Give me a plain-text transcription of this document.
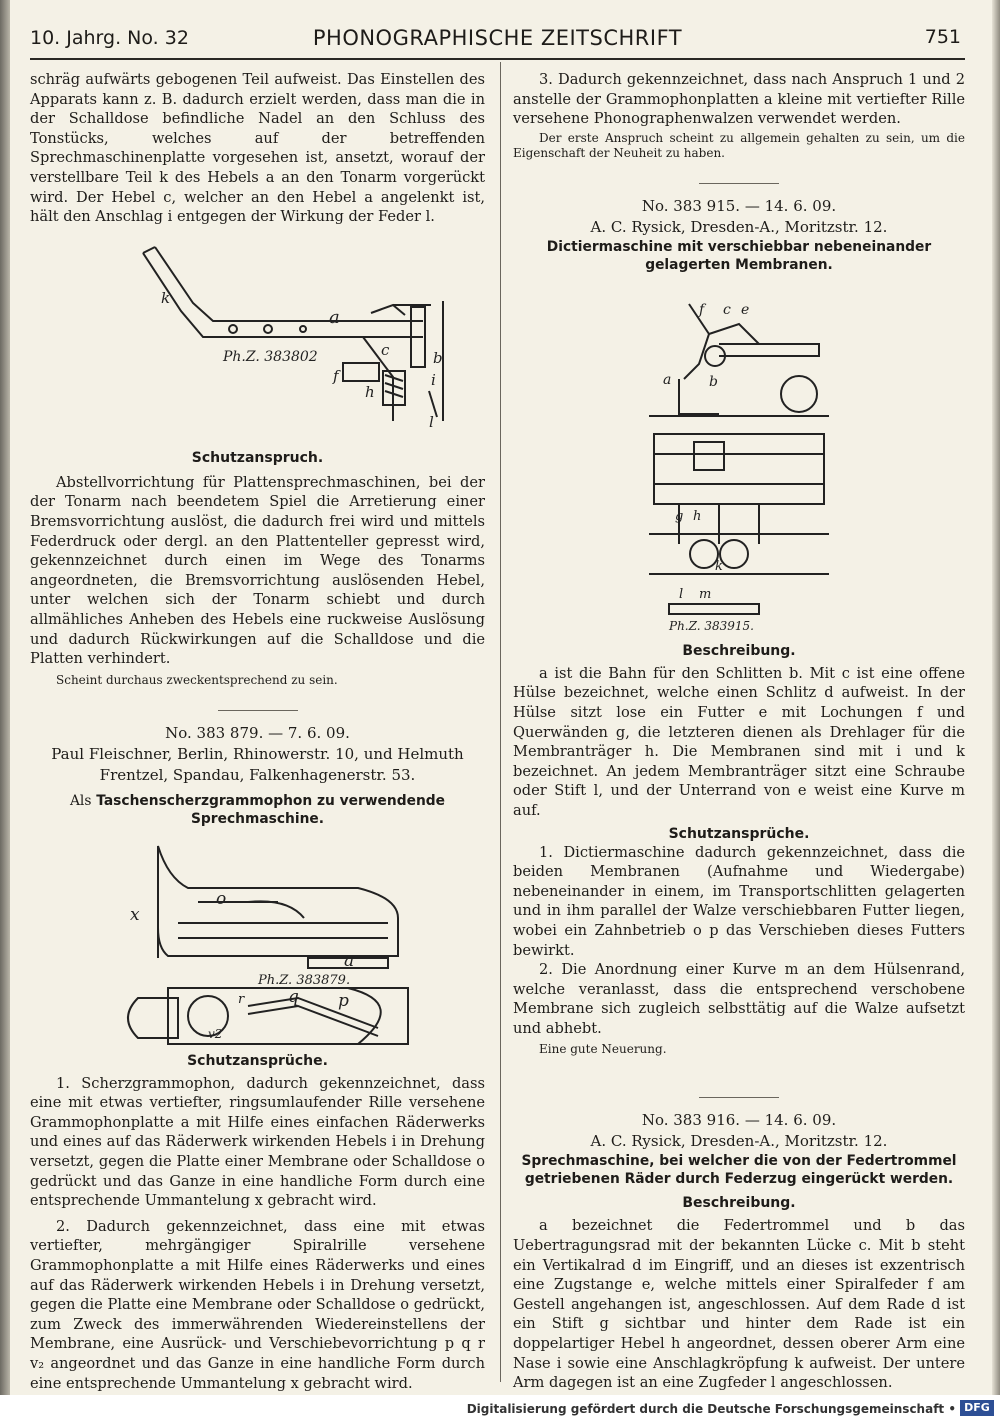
10. Jahrg. No. 32	PHONOGRAPHISCHE ZEITSCHRIFT	751

schräg aufwärts gebogenen Teil aufweist. Das Einstellen des Apparats kann z. B. dadurch erzielt werden, dass man die in der Schalldose befindliche Nadel an den Schluss des Tonstücks, welches auf der betreffenden Sprechmaschinenplatte vorgesehen ist, ansetzt, worauf der verstellbare Teil k des Hebels a an den Tonarm vorgerückt wird. Der Hebel c, welcher an den Hebel a angelenkt ist, hält den Anschlag i entgegen der Wirkung der Feder l.

k
a
c	b
f
h
i
l
Ph.Z. 383802
Schutzanspruch.

Abstellvorrichtung für Plattensprechmaschinen, bei der der Tonarm nach beendetem Spiel die Arretierung einer Bremsvorrichtung auslöst, die dadurch frei wird und mittels Federdruck oder dergl. an den Plattenteller gepresst wird, gekennzeichnet durch einen im Wege des Tonarms angeordneten, die Bremsvorrichtung auslösenden Hebel, unter welchen sich der Tonarm schiebt und durch allmähliches Anheben des Hebels eine ruckweise Auslösung und dadurch Rückwirkungen auf die Schalldose und die Platten verhindert.

Scheint durchaus zweckentsprechend zu sein.

No. 383 879. — 7. 6. 09.
Paul Fleischner, Berlin, Rhinowerstr. 10, und Helmuth Frentzel, Spandau, Falkenhagenerstr. 53.
Als Taschenscherzgrammophon zu verwendende Sprechmaschine.
x
o
a
q p
r
v2
Ph.Z. 383879.
Schutzansprüche.

1. Scherzgrammophon, dadurch gekennzeichnet, dass eine mit etwas vertiefter, ringsumlaufender Rille versehene Grammophonplatte a mit Hilfe eines einfachen Räderwerks und eines auf das Räderwerk wirkenden Hebels i in Drehung versetzt, gegen die Platte einer Membrane oder Schalldose o gedrückt und das Ganze in eine handliche Form durch eine entsprechende Ummantelung x gebracht wird.

2. Dadurch gekennzeichnet, dass eine mit etwas vertiefter, mehrgängiger Spiralrille versehene Grammophonplatte a mit Hilfe eines Räderwerks und eines auf das Räderwerk wirkenden Hebels i in Drehung versetzt, gegen die Platte eine Membrane oder Schalldose o gedrückt, zum Zweck des immerwährenden Wiedereinstellens der Membrane, eine Ausrück- und Verschiebevorrichtung p q r v₂ angeordnet und das Ganze in eine handliche Form durch eine entsprechende Ummantelung x gebracht wird.

3. Dadurch gekennzeichnet, dass nach Anspruch 1 und 2 anstelle der Grammophonplatten a kleine mit vertiefter Rille versehene Phonographenwalzen verwendet werden.

Der erste Anspruch scheint zu allgemein gehalten zu sein, um die Eigenschaft der Neuheit zu haben.

No. 383 915. — 14. 6. 09.
A. C. Rysick, Dresden-A., Moritzstr. 12.
Dictiermaschine mit verschiebbar nebeneinander gelagerten Membranen.
f c e
a	b
g h
k
l m
Ph.Z. 383915.
Beschreibung.

a ist die Bahn für den Schlitten b. Mit c ist eine offene Hülse bezeichnet, welche einen Schlitz d aufweist. In der Hülse sitzt lose ein Futter e mit Lochungen f und Querwänden g, die letzteren dienen als Drehlager für die Membranträger h. Die Membranen sind mit i und k bezeichnet. An jedem Membranträger sitzt eine Schraube oder Stift l, und der Unterrand von e weist eine Kurve m auf.

Schutzansprüche.

1. Dictiermaschine dadurch gekennzeichnet, dass die beiden Membranen (Aufnahme und Wiedergabe) nebeneinander in einem, im Transportschlitten gelagerten und in ihm parallel der Walze verschiebbaren Futter liegen, wobei ein Zahnbetrieb o p das Verschieben dieses Futters bewirkt.

2. Die Anordnung einer Kurve m an dem Hülsenrand, welche veranlasst, dass die entsprechend verschobene Membrane sich zugleich selbsttätig auf die Walze aufsetzt und abhebt.

Eine gute Neuerung.

No. 383 916. — 14. 6. 09.
A. C. Rysick, Dresden-A., Moritzstr. 12.
Sprechmaschine, bei welcher die von der Federtrommel getriebenen Räder durch Federzug eingerückt werden.
Beschreibung.

a bezeichnet die Federtrommel und b das Uebertragungsrad mit der bekannten Lücke c. Mit b steht ein Vertikalrad d im Eingriff, und an dieses ist exzentrisch eine Zugstange e, welche mittels einer Spiralfeder f am Gestell angehangen ist, angeschlossen. Auf dem Rade d ist ein Stift g sichtbar und hinter dem Rade ist ein doppelartiger Hebel h angeordnet, dessen oberer Arm eine Nase i sowie eine Anschlagkröpfung k aufweist. Der untere Arm dagegen ist an eine Zugfeder l angeschlossen.

Digitalisierung gefördert durch die Deutsche Forschungsgemeinschaft • DFG
